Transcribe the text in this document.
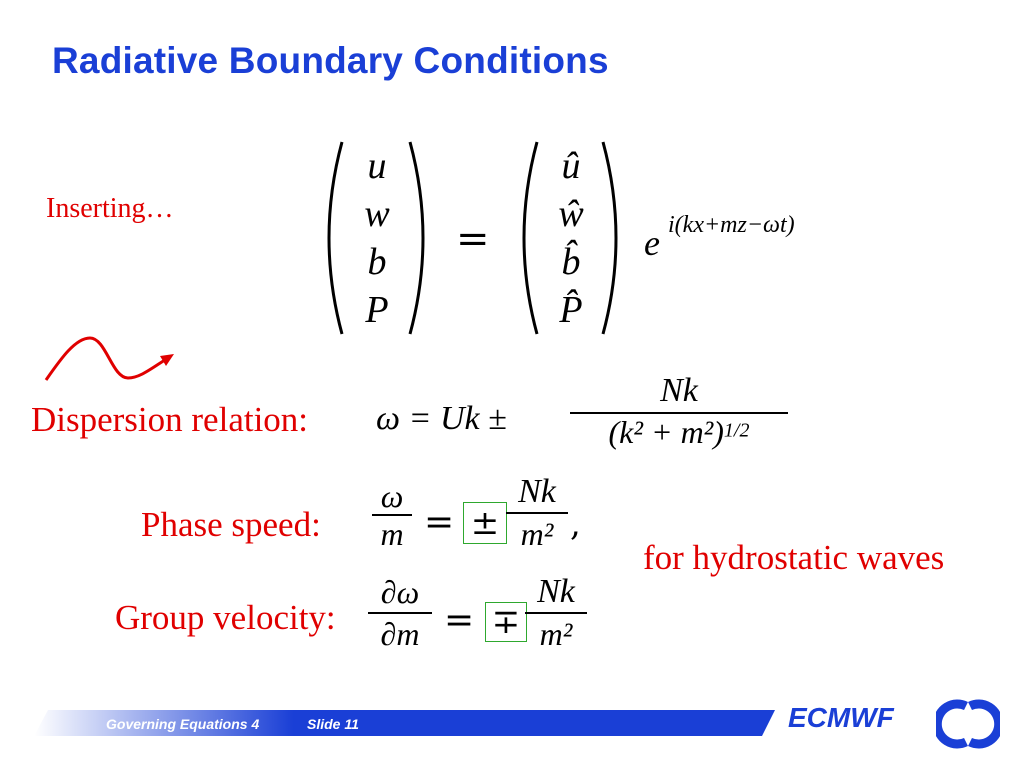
Radiative Boundary Conditions
Inserting…
u
w
b
P
=
û
ŵ
b̂
P̂
e i(kx+mz−ωt)
Dispersion relation: ω = Uk ±
Nk
$(k^2 + m^2)^{1/2}$
Phase speed:
ω
m = ±
Nk
m² ,
for hydrostatic waves
Group velocity:
∂ω
∂m = ∓
Nk
m²
Governing Equations 4	Slide 11	ECMWF
